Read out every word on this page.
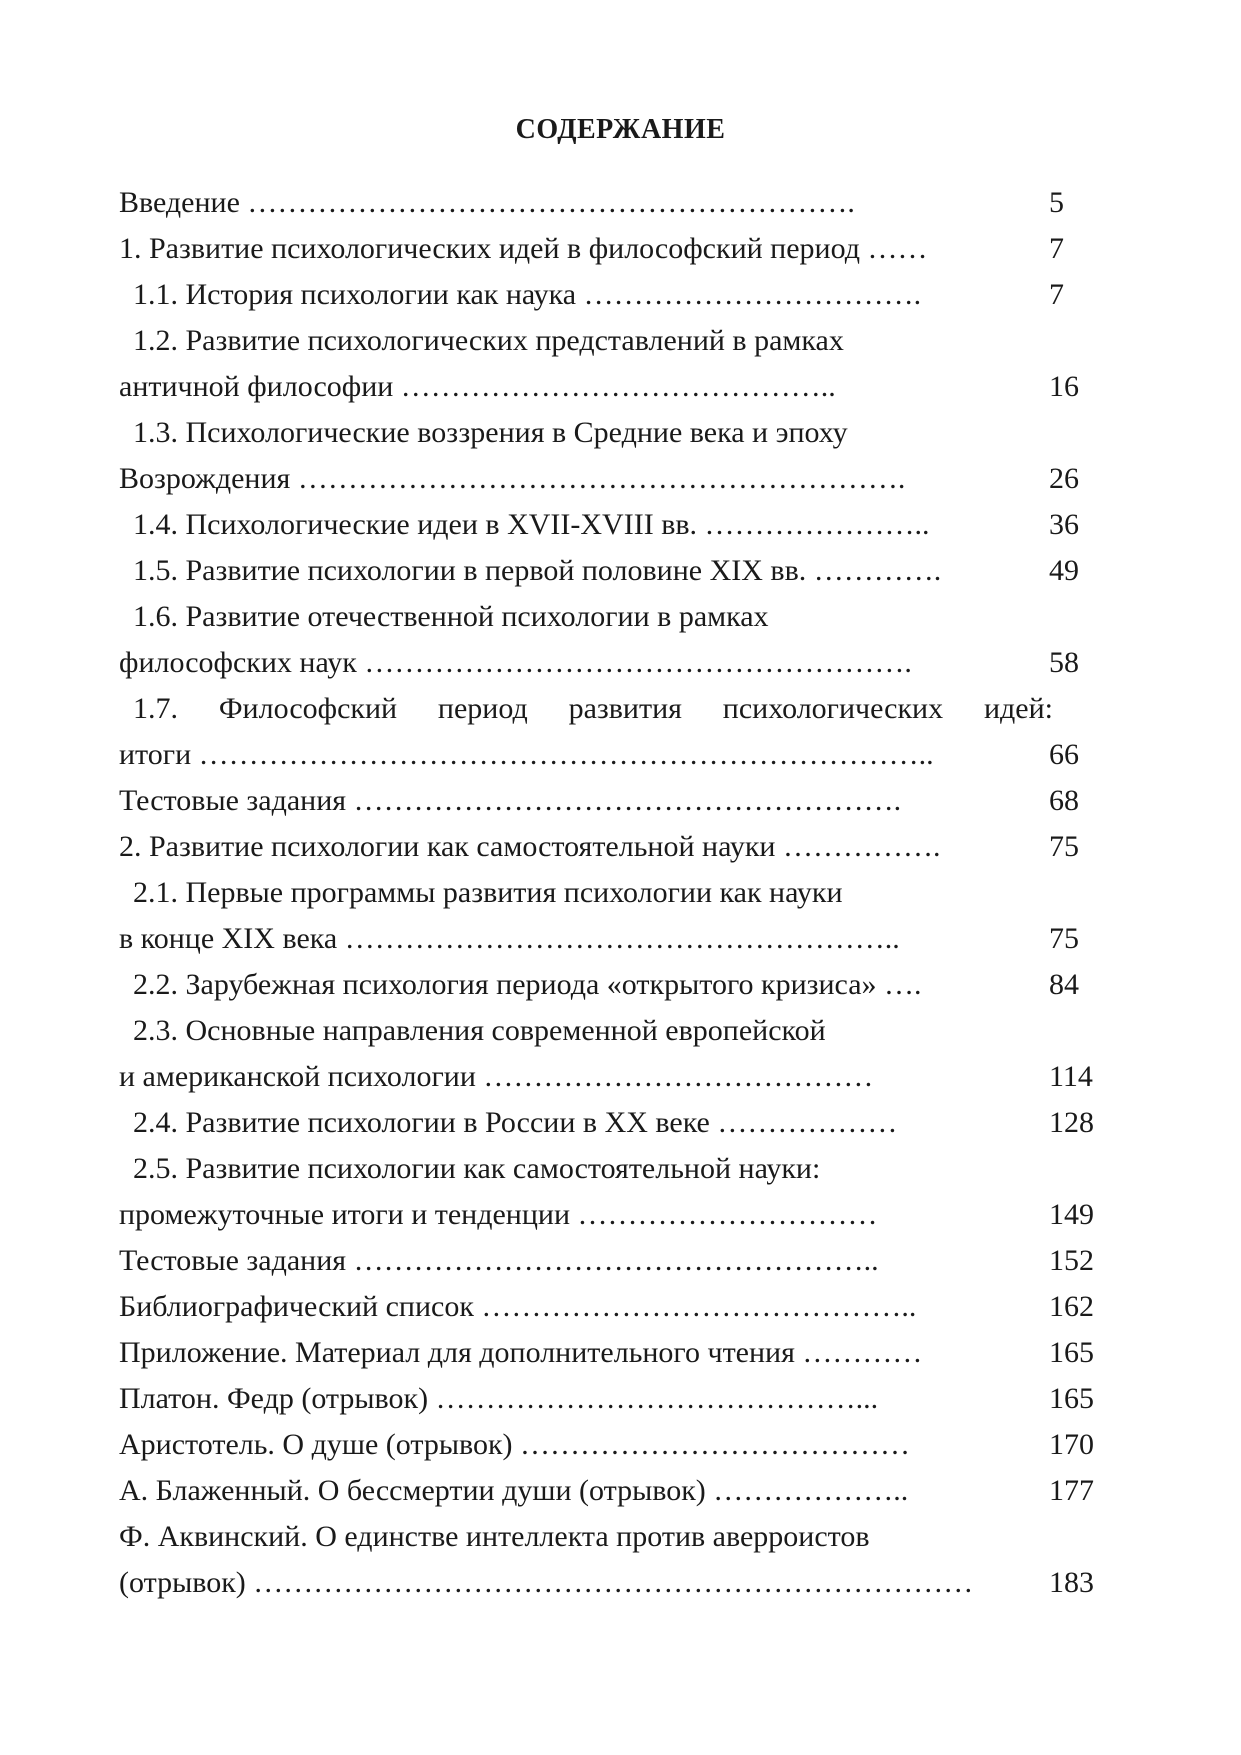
СОДЕРЖАНИЕ
Введение …………………………………………………….	5
1. Развитие психологических идей в философский период ……	7
1.1. История психологии как наука …………………………….	7
1.2. Развитие психологических представлений в рамках
античной философии ……………………………………..	16
1.3. Психологические воззрения в Средние века и эпоху
Возрождения …………………………………………………….	26
1.4. Психологические идеи в XVII-XVIII вв. …………………..	36
1.5. Развитие психологии в первой половине XIX вв. ………….	49
1.6. Развитие отечественной психологии в рамках
философских наук ……………………………………………….	58
1.7. Философский период развития психологических идей:
итоги ………………………………………………………………..	66
Тестовые задания ……………………………………………….	68
2. Развитие психологии как самостоятельной науки …………….	75
2.1. Первые программы развития психологии как науки
в конце XIX века ………………………………………………..	75
2.2. Зарубежная психология периода «открытого кризиса» ….	84
2.3. Основные направления современной европейской
и американской психологии …………………………………	114
2.4. Развитие психологии в России в XX веке ………………	128
2.5. Развитие психологии как самостоятельной науки:
промежуточные итоги и тенденции …………………………	149
Тестовые задания ……………………………………………..	152
Библиографический список ……………………………………..	162
Приложение. Материал для дополнительного чтения …………	165
Платон. Федр (отрывок) ……………………………………...	165
Аристотель. О душе (отрывок) …………………………………	170
А. Блаженный. О бессмертии души (отрывок) ………………..	177
Ф. Аквинский. О единстве интеллекта против аверроистов
(отрывок) ………………………………………………………………	183
